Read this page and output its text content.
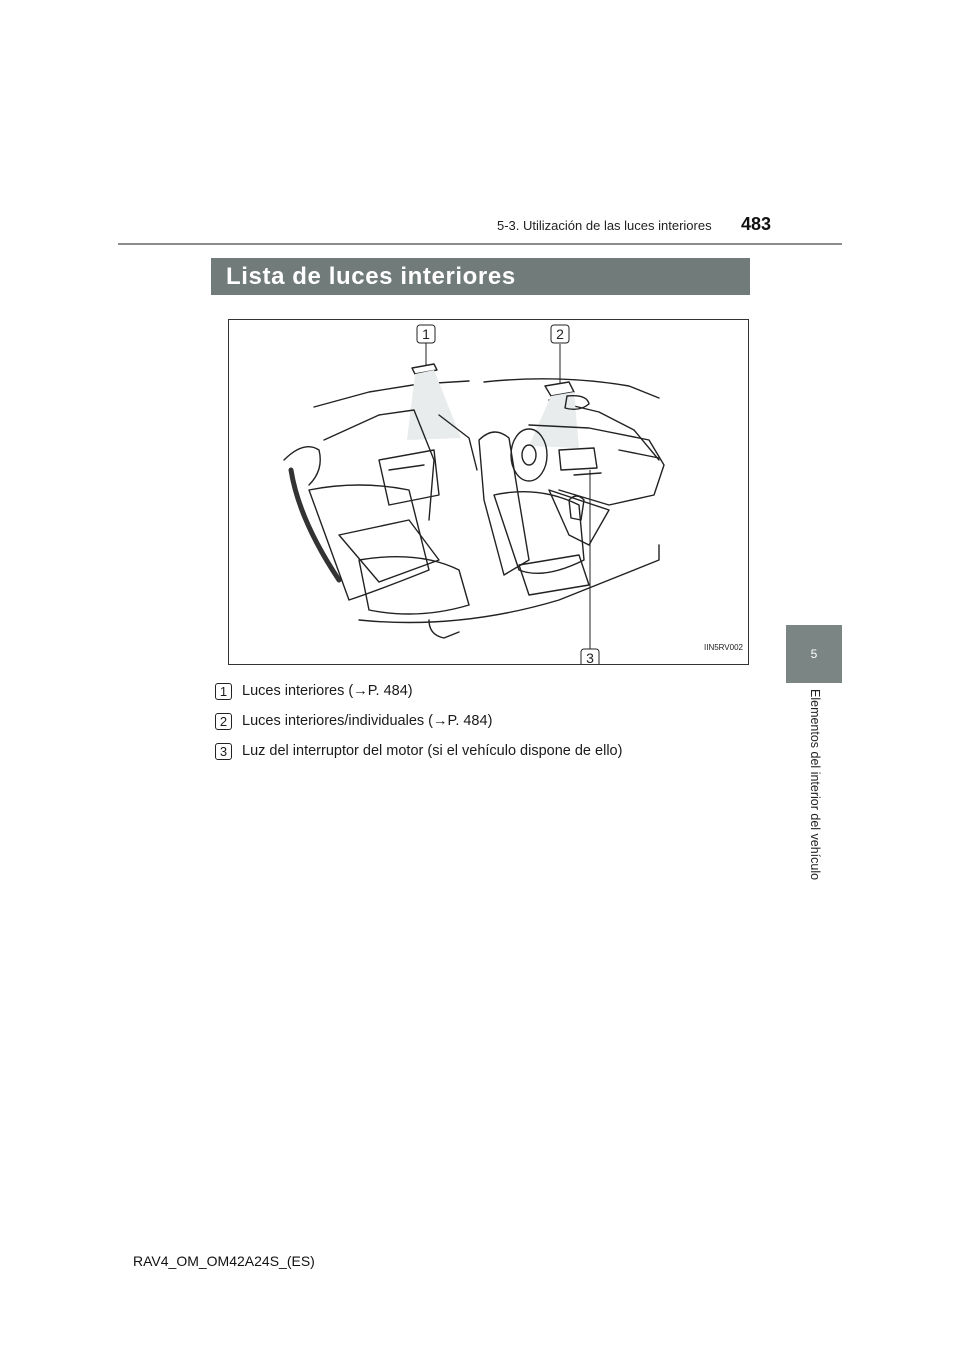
5-3. Utilización de las luces interiores 483
5
Elementos del interior del vehículo
Lista de luces interiores
1	2
3
IIN5RV002
1	Luces interiores (→P. 484)
2	Luces interiores/individuales (→P. 484)
3	Luz del interruptor del motor (si el vehículo dispone de ello)
RAV4_OM_OM42A24S_(ES)
